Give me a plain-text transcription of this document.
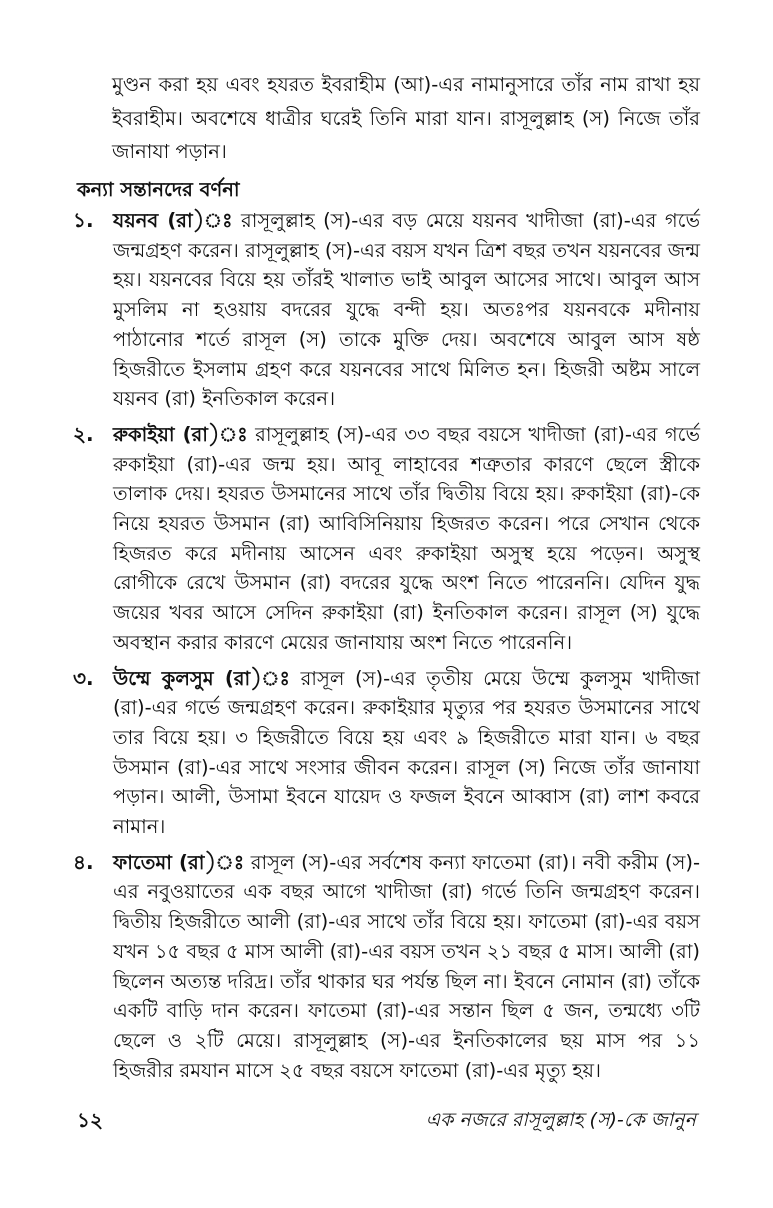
মুণ্ডন করা হয় এবং হযরত ইবরাহীম (আ)-এর নামানুসারে তাঁর নাম রাখা হয় ইবরাহীম। অবশেষে ধাত্রীর ঘরেই তিনি মারা যান। রাসূলুল্লাহ (স) নিজে তাঁর জানাযা পড়ান।

কন্যা সন্তানদের বর্ণনা
১. যয়নব (রা)ঃ রাসূলুল্লাহ (স)-এর বড় মেয়ে যয়নব খাদীজা (রা)-এর গর্ভে জন্মগ্রহণ করেন। রাসূলুল্লাহ (স)-এর বয়স যখন ত্রিশ বছর তখন যয়নবের জন্ম হয়। যয়নবের বিয়ে হয় তাঁরই খালাত ভাই আবুল আসের সাথে। আবুল আস মুসলিম না হওয়ায় বদরের যুদ্ধে বন্দী হয়। অতঃপর যয়নবকে মদীনায় পাঠানোর শর্তে রাসূল (স) তাকে মুক্তি দেয়। অবশেষে আবুল আস ষষ্ঠ হিজরীতে ইসলাম গ্রহণ করে যয়নবের সাথে মিলিত হন। হিজরী অষ্টম সালে যয়নব (রা) ইনতিকাল করেন।
২. রুকাইয়া (রা)ঃ রাসূলুল্লাহ (স)-এর ৩৩ বছর বয়সে খাদীজা (রা)-এর গর্ভে রুকাইয়া (রা)-এর জন্ম হয়। আবূ লাহাবের শত্রুতার কারণে ছেলে স্ত্রীকে তালাক দেয়। হযরত উসমানের সাথে তাঁর দ্বিতীয় বিয়ে হয়। রুকাইয়া (রা)-কে নিয়ে হযরত উসমান (রা) আবিসিনিয়ায় হিজরত করেন। পরে সেখান থেকে হিজরত করে মদীনায় আসেন এবং রুকাইয়া অসুস্থ হয়ে পড়েন। অসুস্থ রোগীকে রেখে উসমান (রা) বদরের যুদ্ধে অংশ নিতে পারেননি। যেদিন যুদ্ধ জয়ের খবর আসে সেদিন রুকাইয়া (রা) ইনতিকাল করেন। রাসূল (স) যুদ্ধে অবস্থান করার কারণে মেয়ের জানাযায় অংশ নিতে পারেননি।
৩. উম্মে কুলসুম (রা)ঃ রাসূল (স)-এর তৃতীয় মেয়ে উম্মে কুলসুম খাদীজা (রা)-এর গর্ভে জন্মগ্রহণ করেন। রুকাইয়ার মৃত্যুর পর হযরত উসমানের সাথে তার বিয়ে হয়। ৩ হিজরীতে বিয়ে হয় এবং ৯ হিজরীতে মারা যান। ৬ বছর উসমান (রা)-এর সাথে সংসার জীবন করেন। রাসূল (স) নিজে তাঁর জানাযা পড়ান। আলী, উসামা ইবনে যায়েদ ও ফজল ইবনে আব্বাস (রা) লাশ কবরে নামান।
৪. ফাতেমা (রা)ঃ রাসূল (স)-এর সর্বশেষ কন্যা ফাতেমা (রা)। নবী করীম (স)-এর নবুওয়াতের এক বছর আগে খাদীজা (রা) গর্ভে তিনি জন্মগ্রহণ করেন। দ্বিতীয় হিজরীতে আলী (রা)-এর সাথে তাঁর বিয়ে হয়। ফাতেমা (রা)-এর বয়স যখন ১৫ বছর ৫ মাস আলী (রা)-এর বয়স তখন ২১ বছর ৫ মাস। আলী (রা) ছিলেন অত্যন্ত দরিদ্র। তাঁর থাকার ঘর পর্যন্ত ছিল না। ইবনে নোমান (রা) তাঁকে একটি বাড়ি দান করেন। ফাতেমা (রা)-এর সন্তান ছিল ৫ জন, তন্মধ্যে ৩টি ছেলে ও ২টি মেয়ে। রাসূলুল্লাহ (স)-এর ইনতিকালের ছয় মাস পর ১১ হিজরীর রমযান মাসে ২৫ বছর বয়সে ফাতেমা (রা)-এর মৃত্যু হয়।
১২	এক নজরে রাসূলুল্লাহ (স)-কে জানুন
